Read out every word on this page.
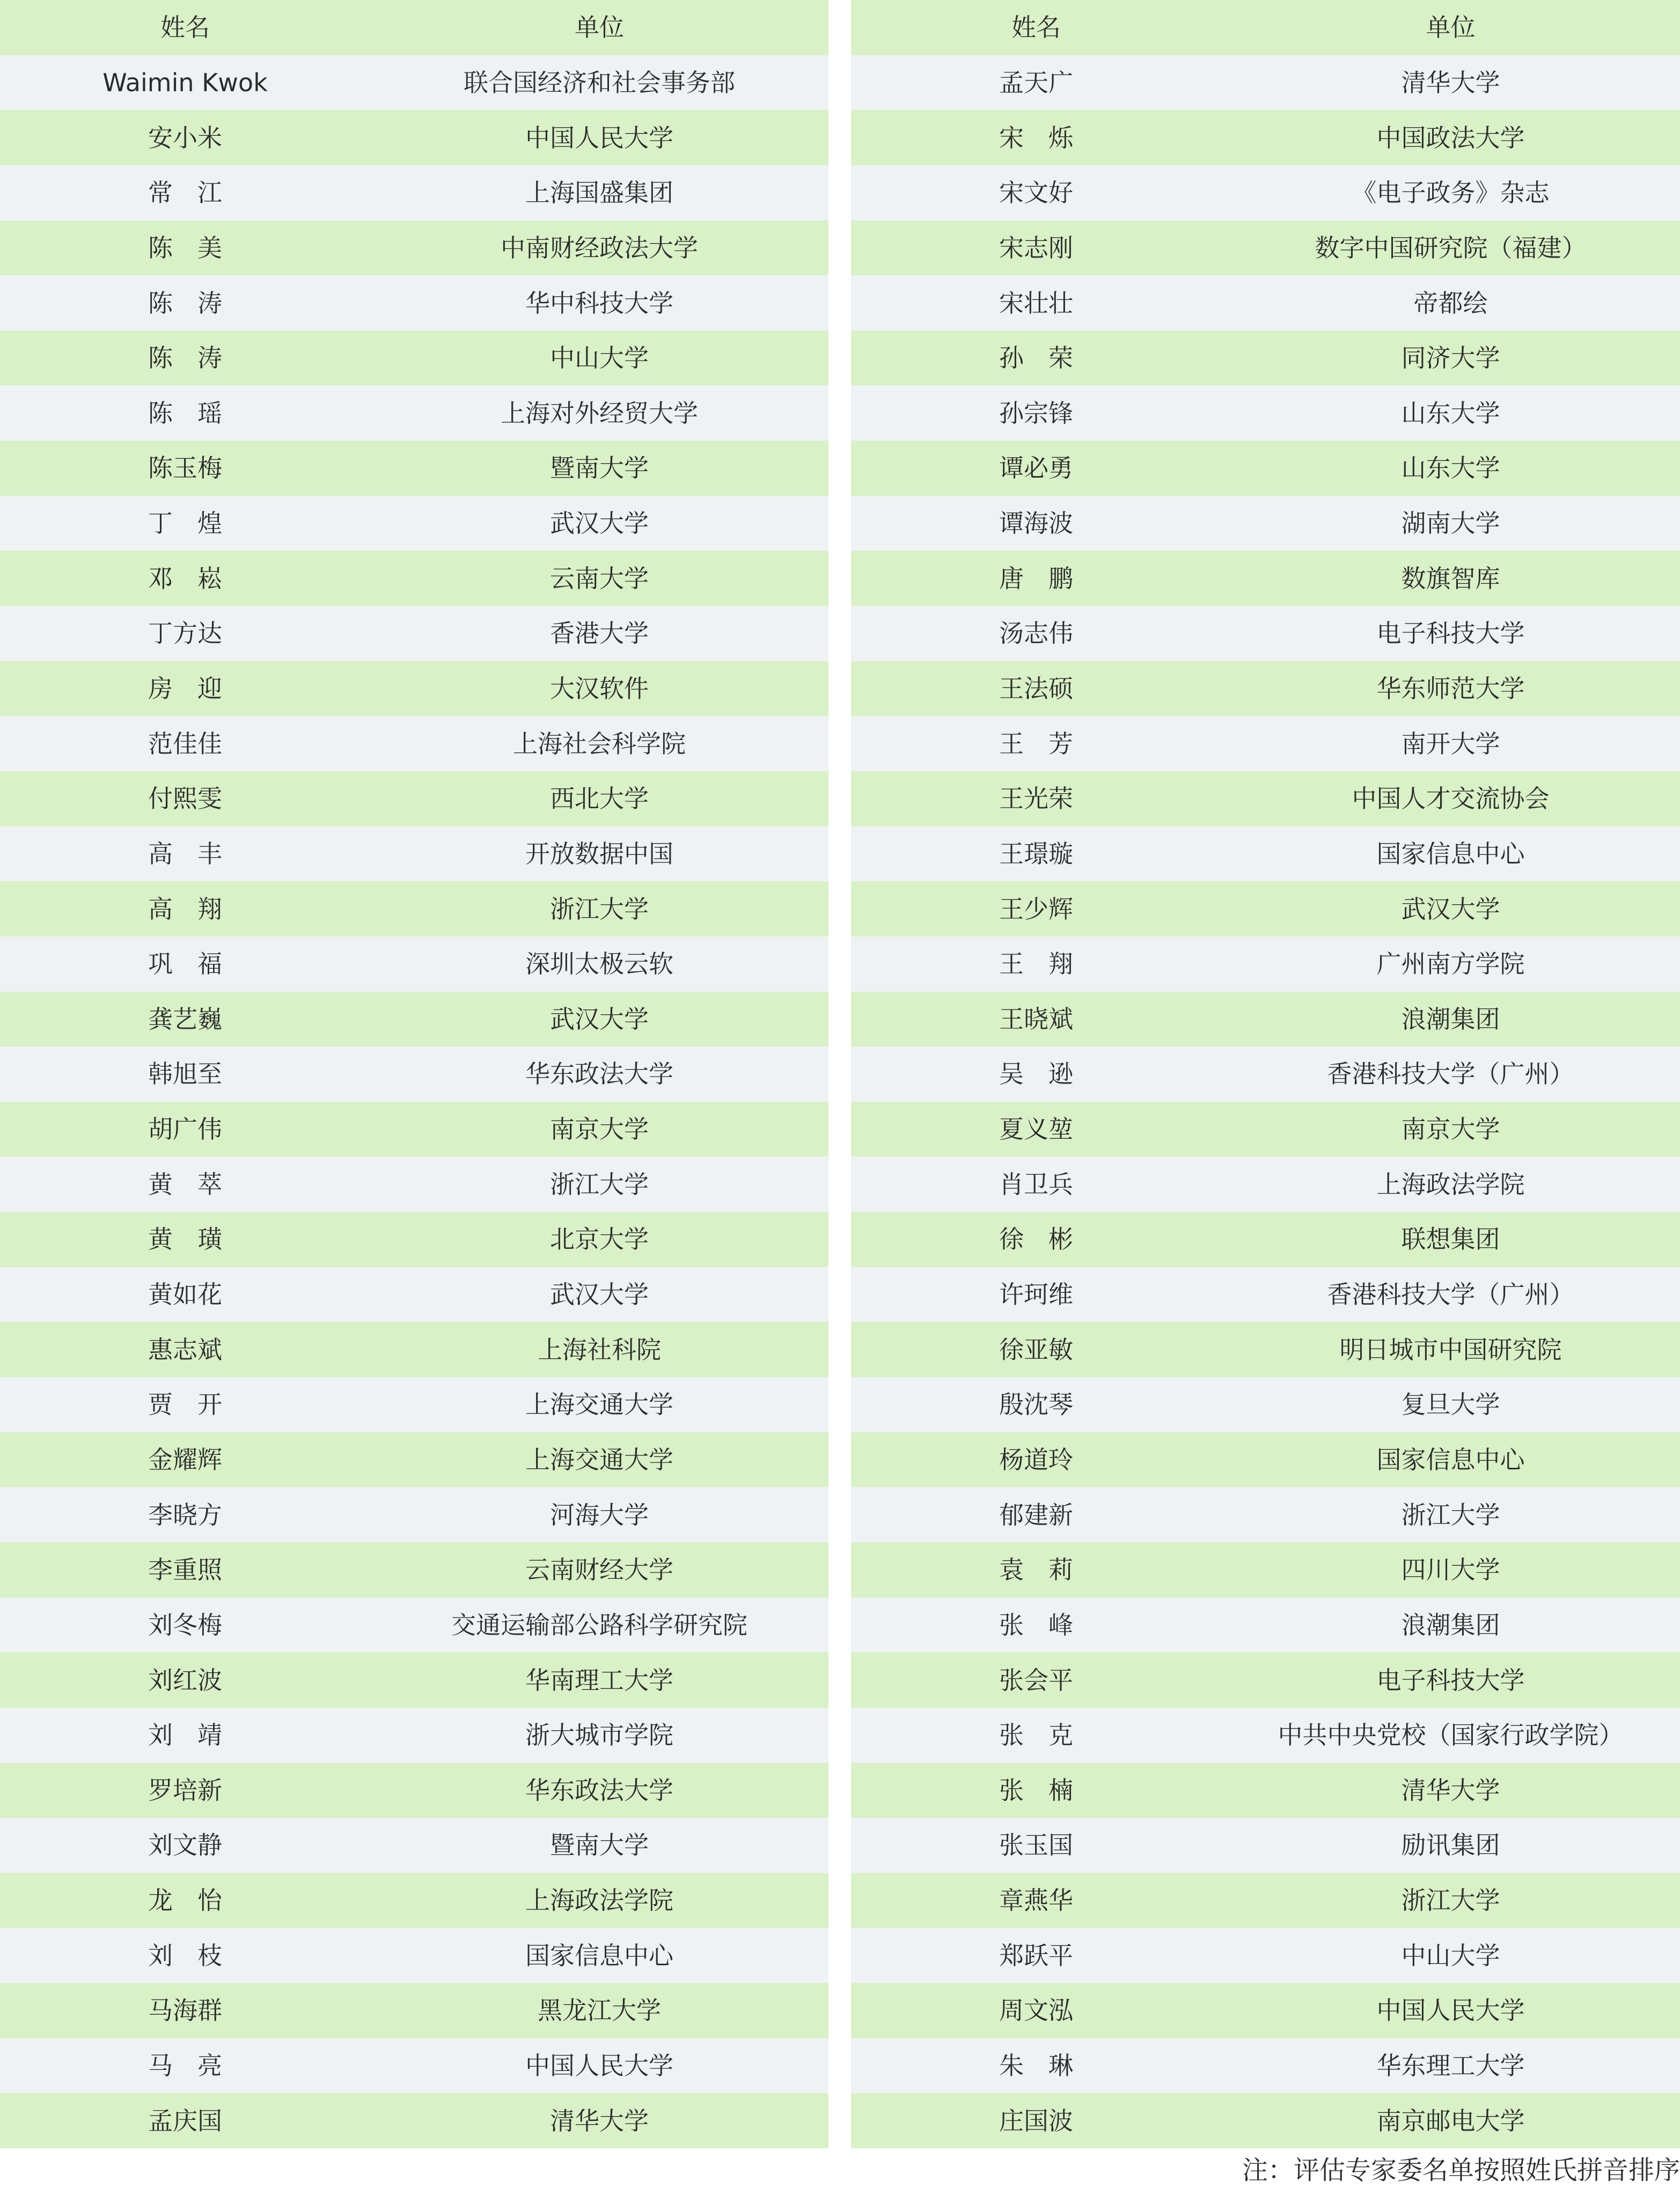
姓名	单位
Waimin Kwok	联合国经济和社会事务部
安小米	中国人民大学
常　江	上海国盛集团
陈　美	中南财经政法大学
陈　涛	华中科技大学
陈　涛	中山大学
陈　瑶	上海对外经贸大学
陈玉梅	暨南大学
丁　煌	武汉大学
邓　崧	云南大学
丁方达	香港大学
房　迎	大汉软件
范佳佳	上海社会科学院
付熙雯	西北大学
高　丰	开放数据中国
高　翔	浙江大学
巩　福	深圳太极云软
龚艺巍	武汉大学
韩旭至	华东政法大学
胡广伟	南京大学
黄　萃	浙江大学
黄　璜	北京大学
黄如花	武汉大学
惠志斌	上海社科院
贾　开	上海交通大学
金耀辉	上海交通大学
李晓方	河海大学
李重照	云南财经大学
刘冬梅	交通运输部公路科学研究院
刘红波	华南理工大学
刘　靖	浙大城市学院
罗培新	华东政法大学
刘文静	暨南大学
龙　怡	上海政法学院
刘　枝	国家信息中心
马海群	黑龙江大学
马　亮	中国人民大学
孟庆国	清华大学
姓名	单位
孟天广	清华大学
宋　烁	中国政法大学
宋文好	《电子政务》杂志
宋志刚	数字中国研究院（福建）
宋壮壮	帝都绘
孙　荣	同济大学
孙宗锋	山东大学
谭必勇	山东大学
谭海波	湖南大学
唐　鹏	数旗智库
汤志伟	电子科技大学
王法硕	华东师范大学
王　芳	南开大学
王光荣	中国人才交流协会
王璟璇	国家信息中心
王少辉	武汉大学
王　翔	广州南方学院
王晓斌	浪潮集团
吴　逊	香港科技大学（广州）
夏义堃	南京大学
肖卫兵	上海政法学院
徐　彬	联想集团
许珂维	香港科技大学（广州）
徐亚敏	明日城市中国研究院
殷沈琴	复旦大学
杨道玲	国家信息中心
郁建新	浙江大学
袁　莉	四川大学
张　峰	浪潮集团
张会平	电子科技大学
张　克	中共中央党校（国家行政学院）
张　楠	清华大学
张玉国	励讯集团
章燕华	浙江大学
郑跃平	中山大学
周文泓	中国人民大学
朱　琳	华东理工大学
庄国波	南京邮电大学
注：评估专家委名单按照姓氏拼音排序
